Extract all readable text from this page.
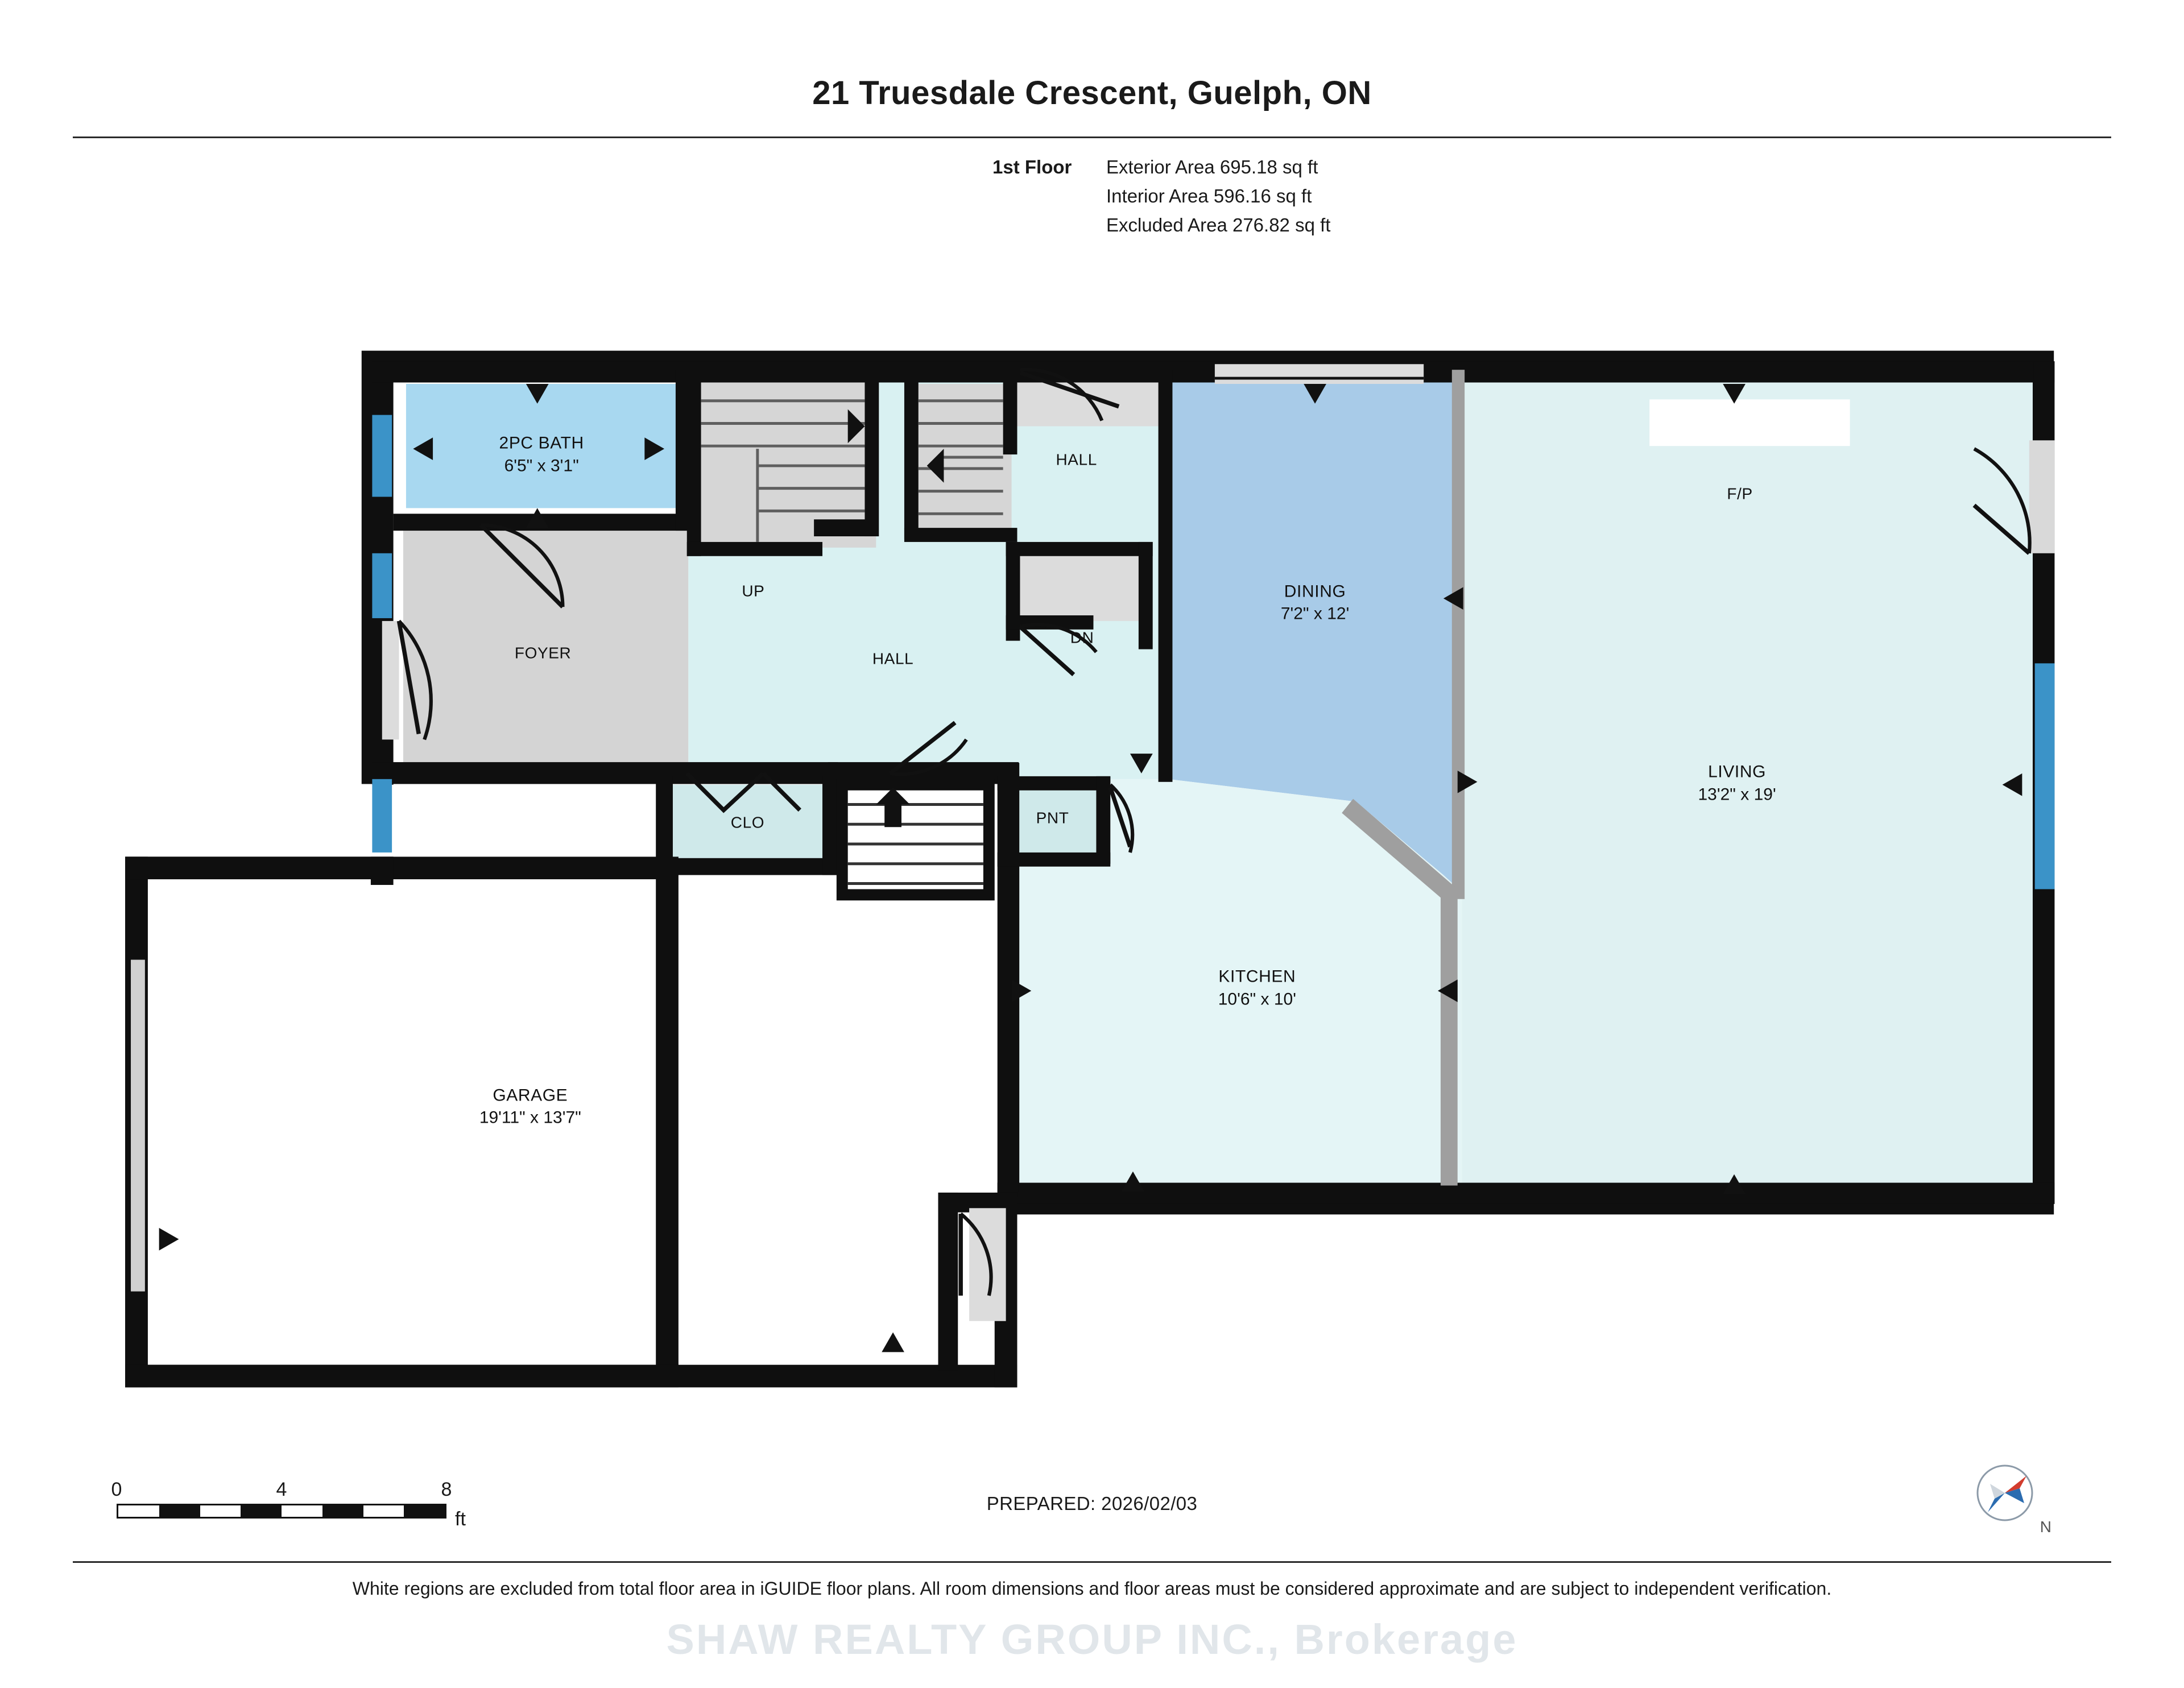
21 Truesdale Crescent, Guelph, ON
1st Floor	Exterior Area 695.18 sq ft
Interior Area 596.16 sq ft
Excluded Area 276.82 sq ft
2PC BATH
6'5" x 3'1"
UP
HALL
DN
FOYER	HALL
DINING
7'2" x 12'
F/P
LIVING
13'2" x 19'
CLO	PNT
KITCHEN
10'6" x 10'
GARAGE
19'11" x 13'7"
0	4	8
ft
PREPARED: 2026/02/03
N
White regions are excluded from total floor area in iGUIDE floor plans. All room dimensions and floor areas must be considered approximate and are subject to independent verification.
SHAW REALTY GROUP INC., Brokerage
